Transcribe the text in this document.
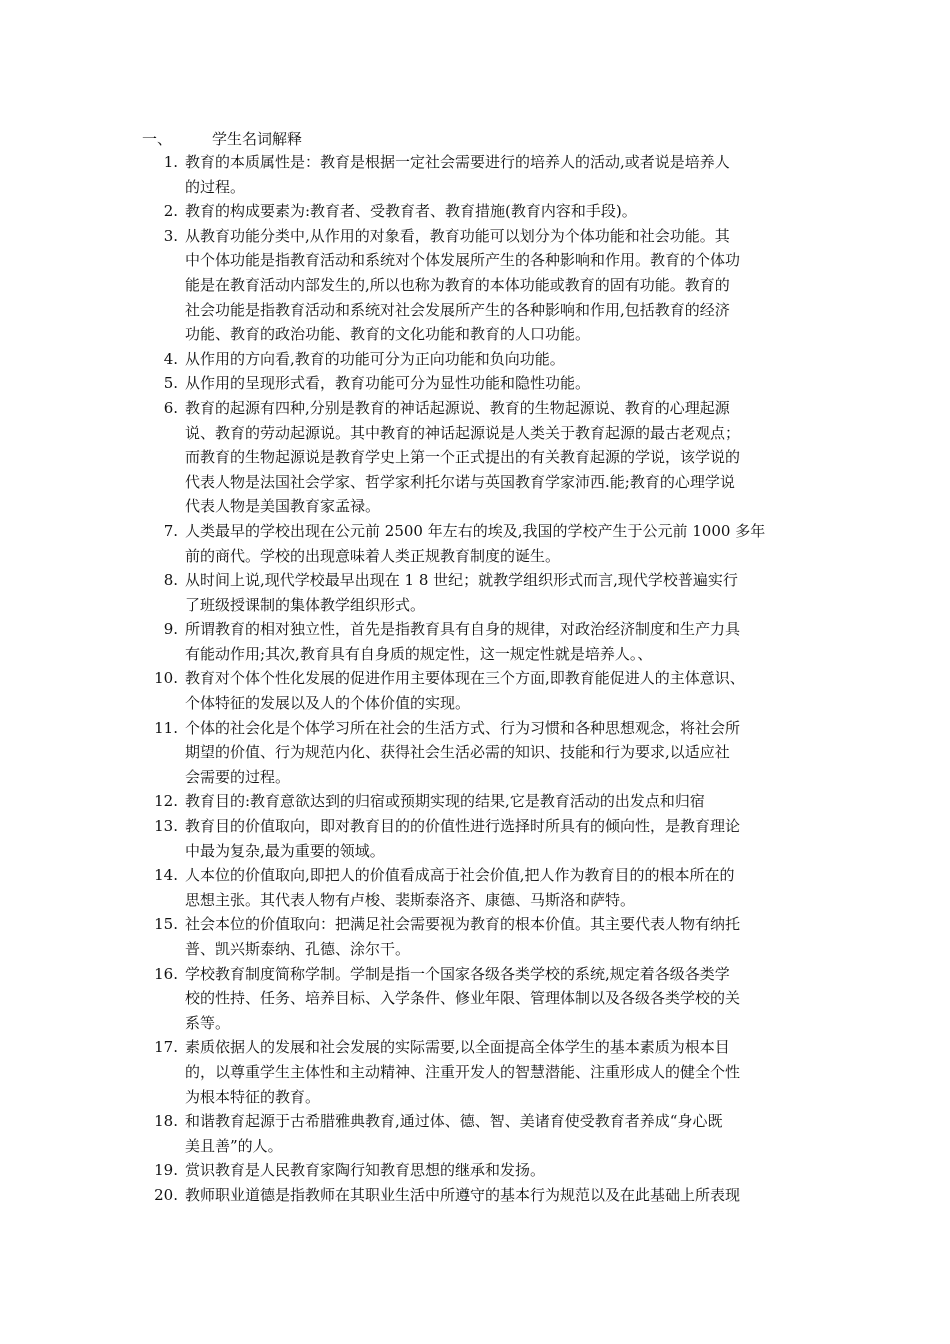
一、	学生名词解释
1. 教育的本质属性是：教育是根据一定社会需要进行的培养人的活动,或者说是培养人
的过程。
2. 教育的构成要素为:教育者、受教育者、教育措施(教育内容和手段)。
3. 从教育功能分类中,从作用的对象看，教育功能可以划分为个体功能和社会功能。其
中个体功能是指教育活动和系统对个体发展所产生的各种影响和作用。教育的个体功
能是在教育活动内部发生的,所以也称为教育的本体功能或教育的固有功能。教育的
社会功能是指教育活动和系统对社会发展所产生的各种影响和作用,包括教育的经济
功能、教育的政治功能、教育的文化功能和教育的人口功能。
4. 从作用的方向看,教育的功能可分为正向功能和负向功能。
5. 从作用的呈现形式看，教育功能可分为显性功能和隐性功能。
6. 教育的起源有四种,分别是教育的神话起源说、教育的生物起源说、教育的心理起源
说、教育的劳动起源说。其中教育的神话起源说是人类关于教育起源的最古老观点；
而教育的生物起源说是教育学史上第一个正式提出的有关教育起源的学说，该学说的
代表人物是法国社会学家、哲学家利托尔诺与英国教育学家沛西.能;教育的心理学说
代表人物是美国教育家孟禄。
7. 人类最早的学校出现在公元前 2500 年左右的埃及,我国的学校产生于公元前 1000 多年
前的商代。学校的出现意味着人类正规教育制度的诞生。
8. 从时间上说,现代学校最早出现在 1 8 世纪；就教学组织形式而言,现代学校普遍实行
了班级授课制的集体教学组织形式。
9. 所谓教育的相对独立性，首先是指教育具有自身的规律，对政治经济制度和生产力具
有能动作用;其次,教育具有自身质的规定性，这一规定性就是培养人。、
10. 教育对个体个性化发展的促进作用主要体现在三个方面,即教育能促进人的主体意识、
个体特征的发展以及人的个体价值的实现。
11. 个体的社会化是个体学习所在社会的生活方式、行为习惯和各种思想观念，将社会所
期望的价值、行为规范内化、获得社会生活必需的知识、技能和行为要求,以适应社
会需要的过程。
12. 教育目的:教育意欲达到的归宿或预期实现的结果,它是教育活动的出发点和归宿
13. 教育目的价值取向，即对教育目的的价值性进行选择时所具有的倾向性，是教育理论
中最为复杂,最为重要的领域。
14. 人本位的价值取向,即把人的价值看成高于社会价值,把人作为教育目的的根本所在的
思想主张。其代表人物有卢梭、裴斯泰洛齐、康德、马斯洛和萨特。
15. 社会本位的价值取向：把满足社会需要视为教育的根本价值。其主要代表人物有纳托
普、凯兴斯泰纳、孔德、涂尔干。
16. 学校教育制度简称学制。学制是指一个国家各级各类学校的系统,规定着各级各类学
校的性持、任务、培养目标、入学条件、修业年限、管理体制以及各级各类学校的关
系等。
17. 素质依据人的发展和社会发展的实际需要,以全面提高全体学生的基本素质为根本目
的，以尊重学生主体性和主动精神、注重开发人的智慧潜能、注重形成人的健全个性
为根本特征的教育。
18. 和谐教育起源于古希腊雅典教育,通过体、德、智、美诸育使受教育者养成“身心既
美且善”的人。
19. 赏识教育是人民教育家陶行知教育思想的继承和发扬。
20. 教师职业道德是指教师在其职业生活中所遵守的基本行为规范以及在此基础上所表现
